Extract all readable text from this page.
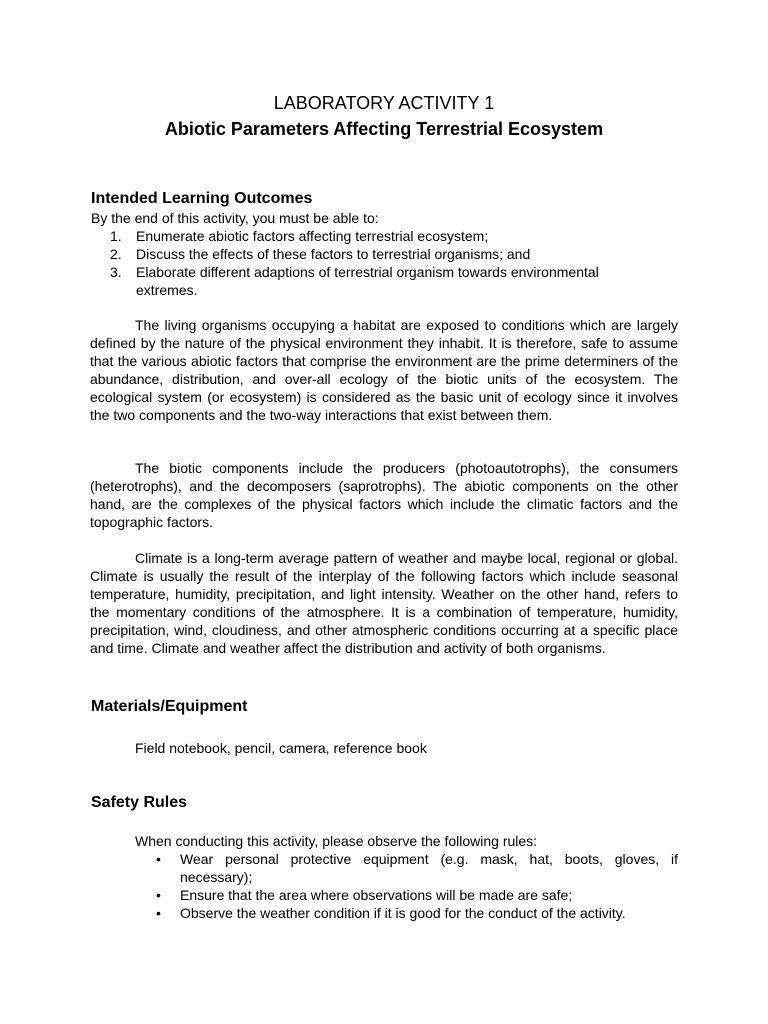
LABORATORY ACTIVITY 1
Abiotic Parameters Affecting Terrestrial Ecosystem
Intended Learning Outcomes
By the end of this activity, you must be able to:
1. Enumerate abiotic factors affecting terrestrial ecosystem;
2. Discuss the effects of these factors to terrestrial organisms; and
3. Elaborate different adaptions of terrestrial organism towards environmental extremes.

The living organisms occupying a habitat are exposed to conditions which are largely defined by the nature of the physical environment they inhabit. It is therefore, safe to assume that the various abiotic factors that comprise the environment are the prime determiners of the abundance, distribution, and over-all ecology of the biotic units of the ecosystem. The ecological system (or ecosystem) is considered as the basic unit of ecology since it involves the two components and the two-way interactions that exist between them.

The biotic components include the producers (photoautotrophs), the consumers (heterotrophs), and the decomposers (saprotrophs). The abiotic components on the other hand, are the complexes of the physical factors which include the climatic factors and the topographic factors.

Climate is a long-term average pattern of weather and maybe local, regional or global. Climate is usually the result of the interplay of the following factors which include seasonal temperature, humidity, precipitation, and light intensity. Weather on the other hand, refers to the momentary conditions of the atmosphere. It is a combination of temperature, humidity, precipitation, wind, cloudiness, and other atmospheric conditions occurring at a specific place and time. Climate and weather affect the distribution and activity of both organisms.

Materials/Equipment
Field notebook, pencil, camera, reference book
Safety Rules
When conducting this activity, please observe the following rules:
• Wear personal protective equipment (e.g. mask, hat, boots, gloves, if necessary);
• Ensure that the area where observations will be made are safe;
• Observe the weather condition if it is good for the conduct of the activity.
